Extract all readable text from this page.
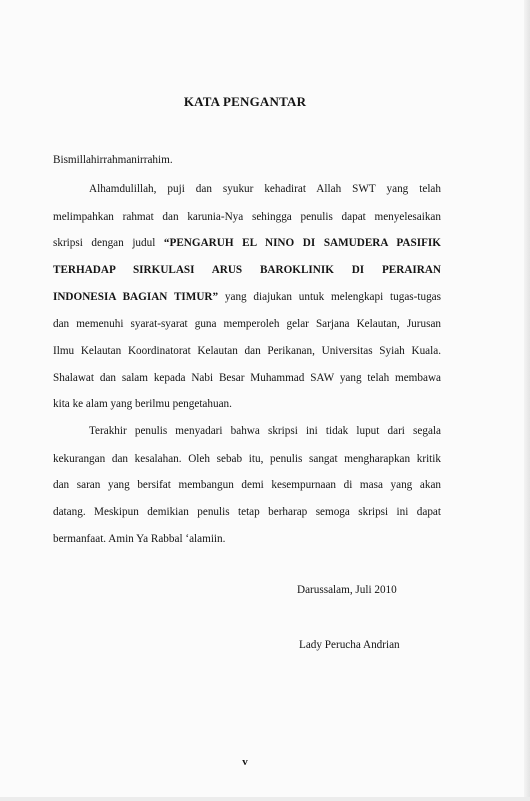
KATA PENGANTAR
Bismillahirrahmanirrahim.
Alhamdulillah, puji dan syukur kehadirat Allah SWT yang telah
melimpahkan rahmat dan karunia-Nya sehingga penulis dapat menyelesaikan
skripsi dengan judul “PENGARUH EL NINO DI SAMUDERA PASIFIK
TERHADAP SIRKULASI ARUS BAROKLINIK DI PERAIRAN
INDONESIA BAGIAN TIMUR” yang diajukan untuk melengkapi tugas-tugas
dan memenuhi syarat-syarat guna memperoleh gelar Sarjana Kelautan, Jurusan
Ilmu Kelautan Koordinatorat Kelautan dan Perikanan, Universitas Syiah Kuala.
Shalawat dan salam kepada Nabi Besar Muhammad SAW yang telah membawa
kita ke alam yang berilmu pengetahuan.
Terakhir penulis menyadari bahwa skripsi ini tidak luput dari segala
kekurangan dan kesalahan. Oleh sebab itu, penulis sangat mengharapkan kritik
dan saran yang bersifat membangun demi kesempurnaan di masa yang akan
datang. Meskipun demikian penulis tetap berharap semoga skripsi ini dapat
bermanfaat. Amin Ya Rabbal ‘alamiin.
Darussalam, Juli 2010
Lady Perucha Andrian
v
